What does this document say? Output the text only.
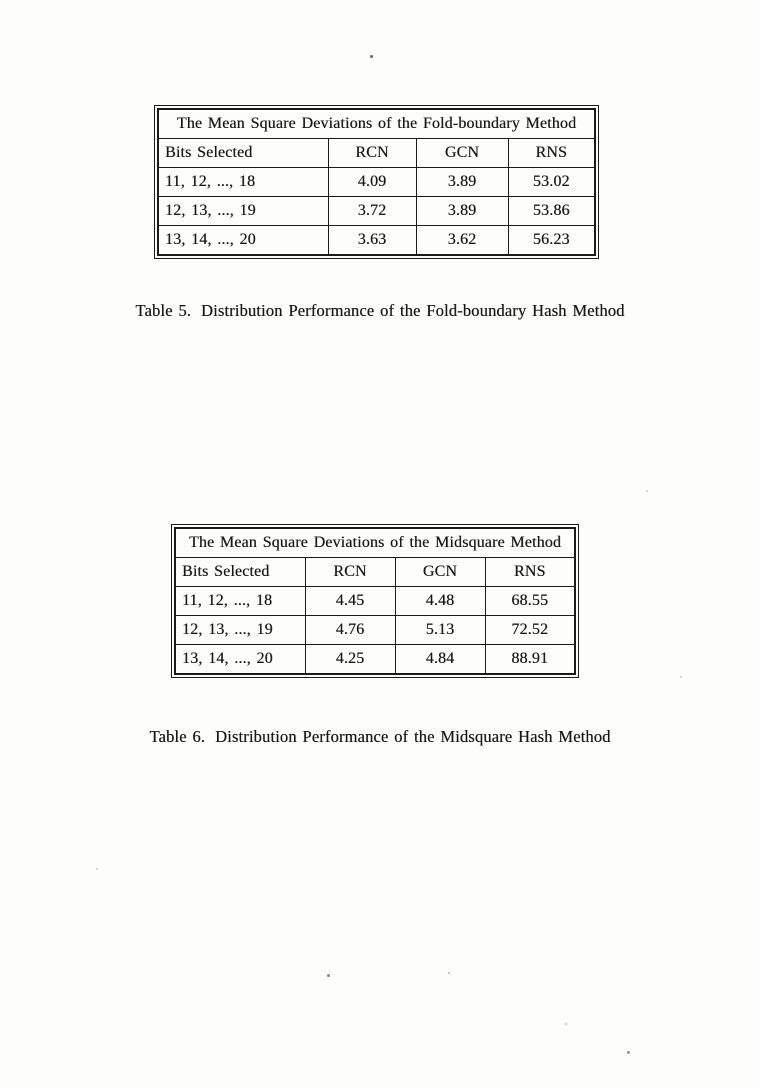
The Mean Square Deviations of the Fold-boundary Method			
Bits Selected	RCN	GCN	RNS
11, 12, ..., 18	4.09	3.89	53.02
12, 13, ..., 19	3.72	3.89	53.86
13, 14, ..., 20	3.63	3.62	56.23
Table 5. Distribution Performance of the Fold-boundary Hash Method
The Mean Square Deviations of the Midsquare Method			
Bits Selected	RCN	GCN	RNS
11, 12, ..., 18	4.45	4.48	68.55
12, 13, ..., 19	4.76	5.13	72.52
13, 14, ..., 20	4.25	4.84	88.91
Table 6. Distribution Performance of the Midsquare Hash Method
